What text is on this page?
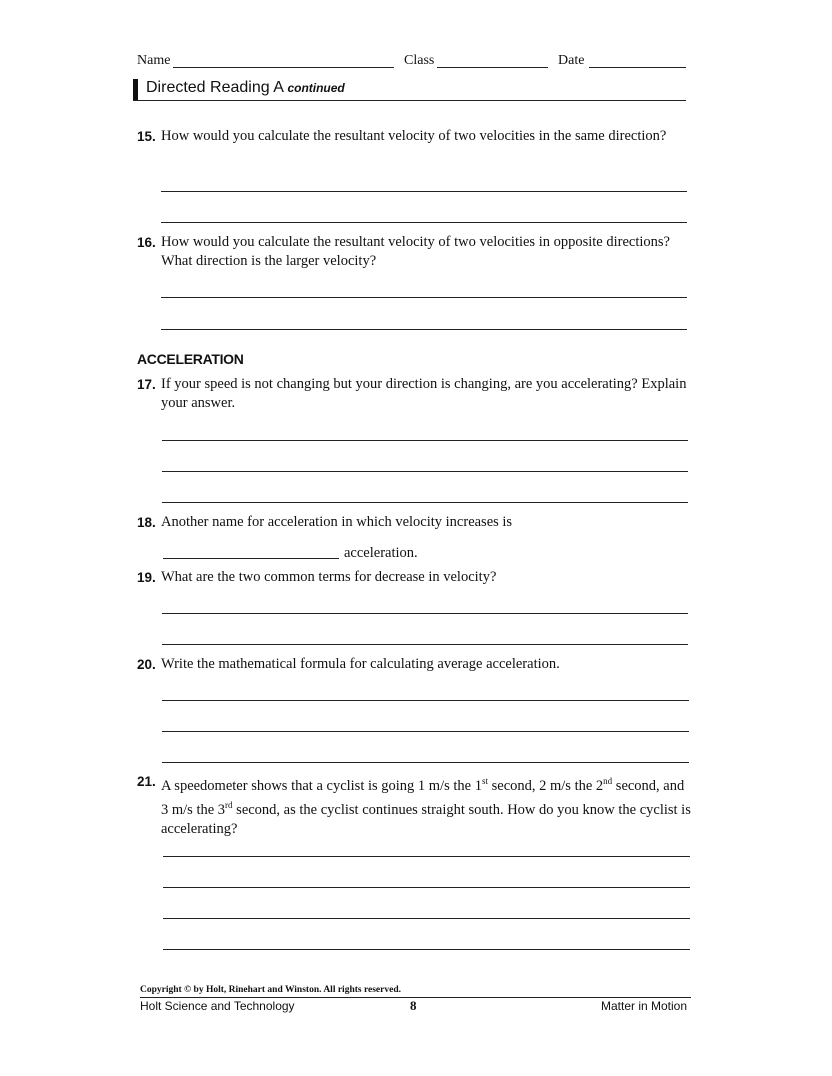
Name	Class	Date
Directed Reading A continued
15. How would you calculate the resultant velocity of two velocities in the same direction?
16. How would you calculate the resultant velocity of two velocities in opposite directions? What direction is the larger velocity?
ACCELERATION
17. If your speed is not changing but your direction is changing, are you accelerating? Explain your answer.
18. Another name for acceleration in which velocity increases is
acceleration.
19. What are the two common terms for decrease in velocity?
20. Write the mathematical formula for calculating average acceleration.
21. A speedometer shows that a cyclist is going 1 m/s the 1st second, 2 m/s the 2nd second, and 3 m/s the 3rd second, as the cyclist continues straight south. How do you know the cyclist is accelerating?
Copyright © by Holt, Rinehart and Winston. All rights reserved.
Holt Science and Technology	8	Matter in Motion
